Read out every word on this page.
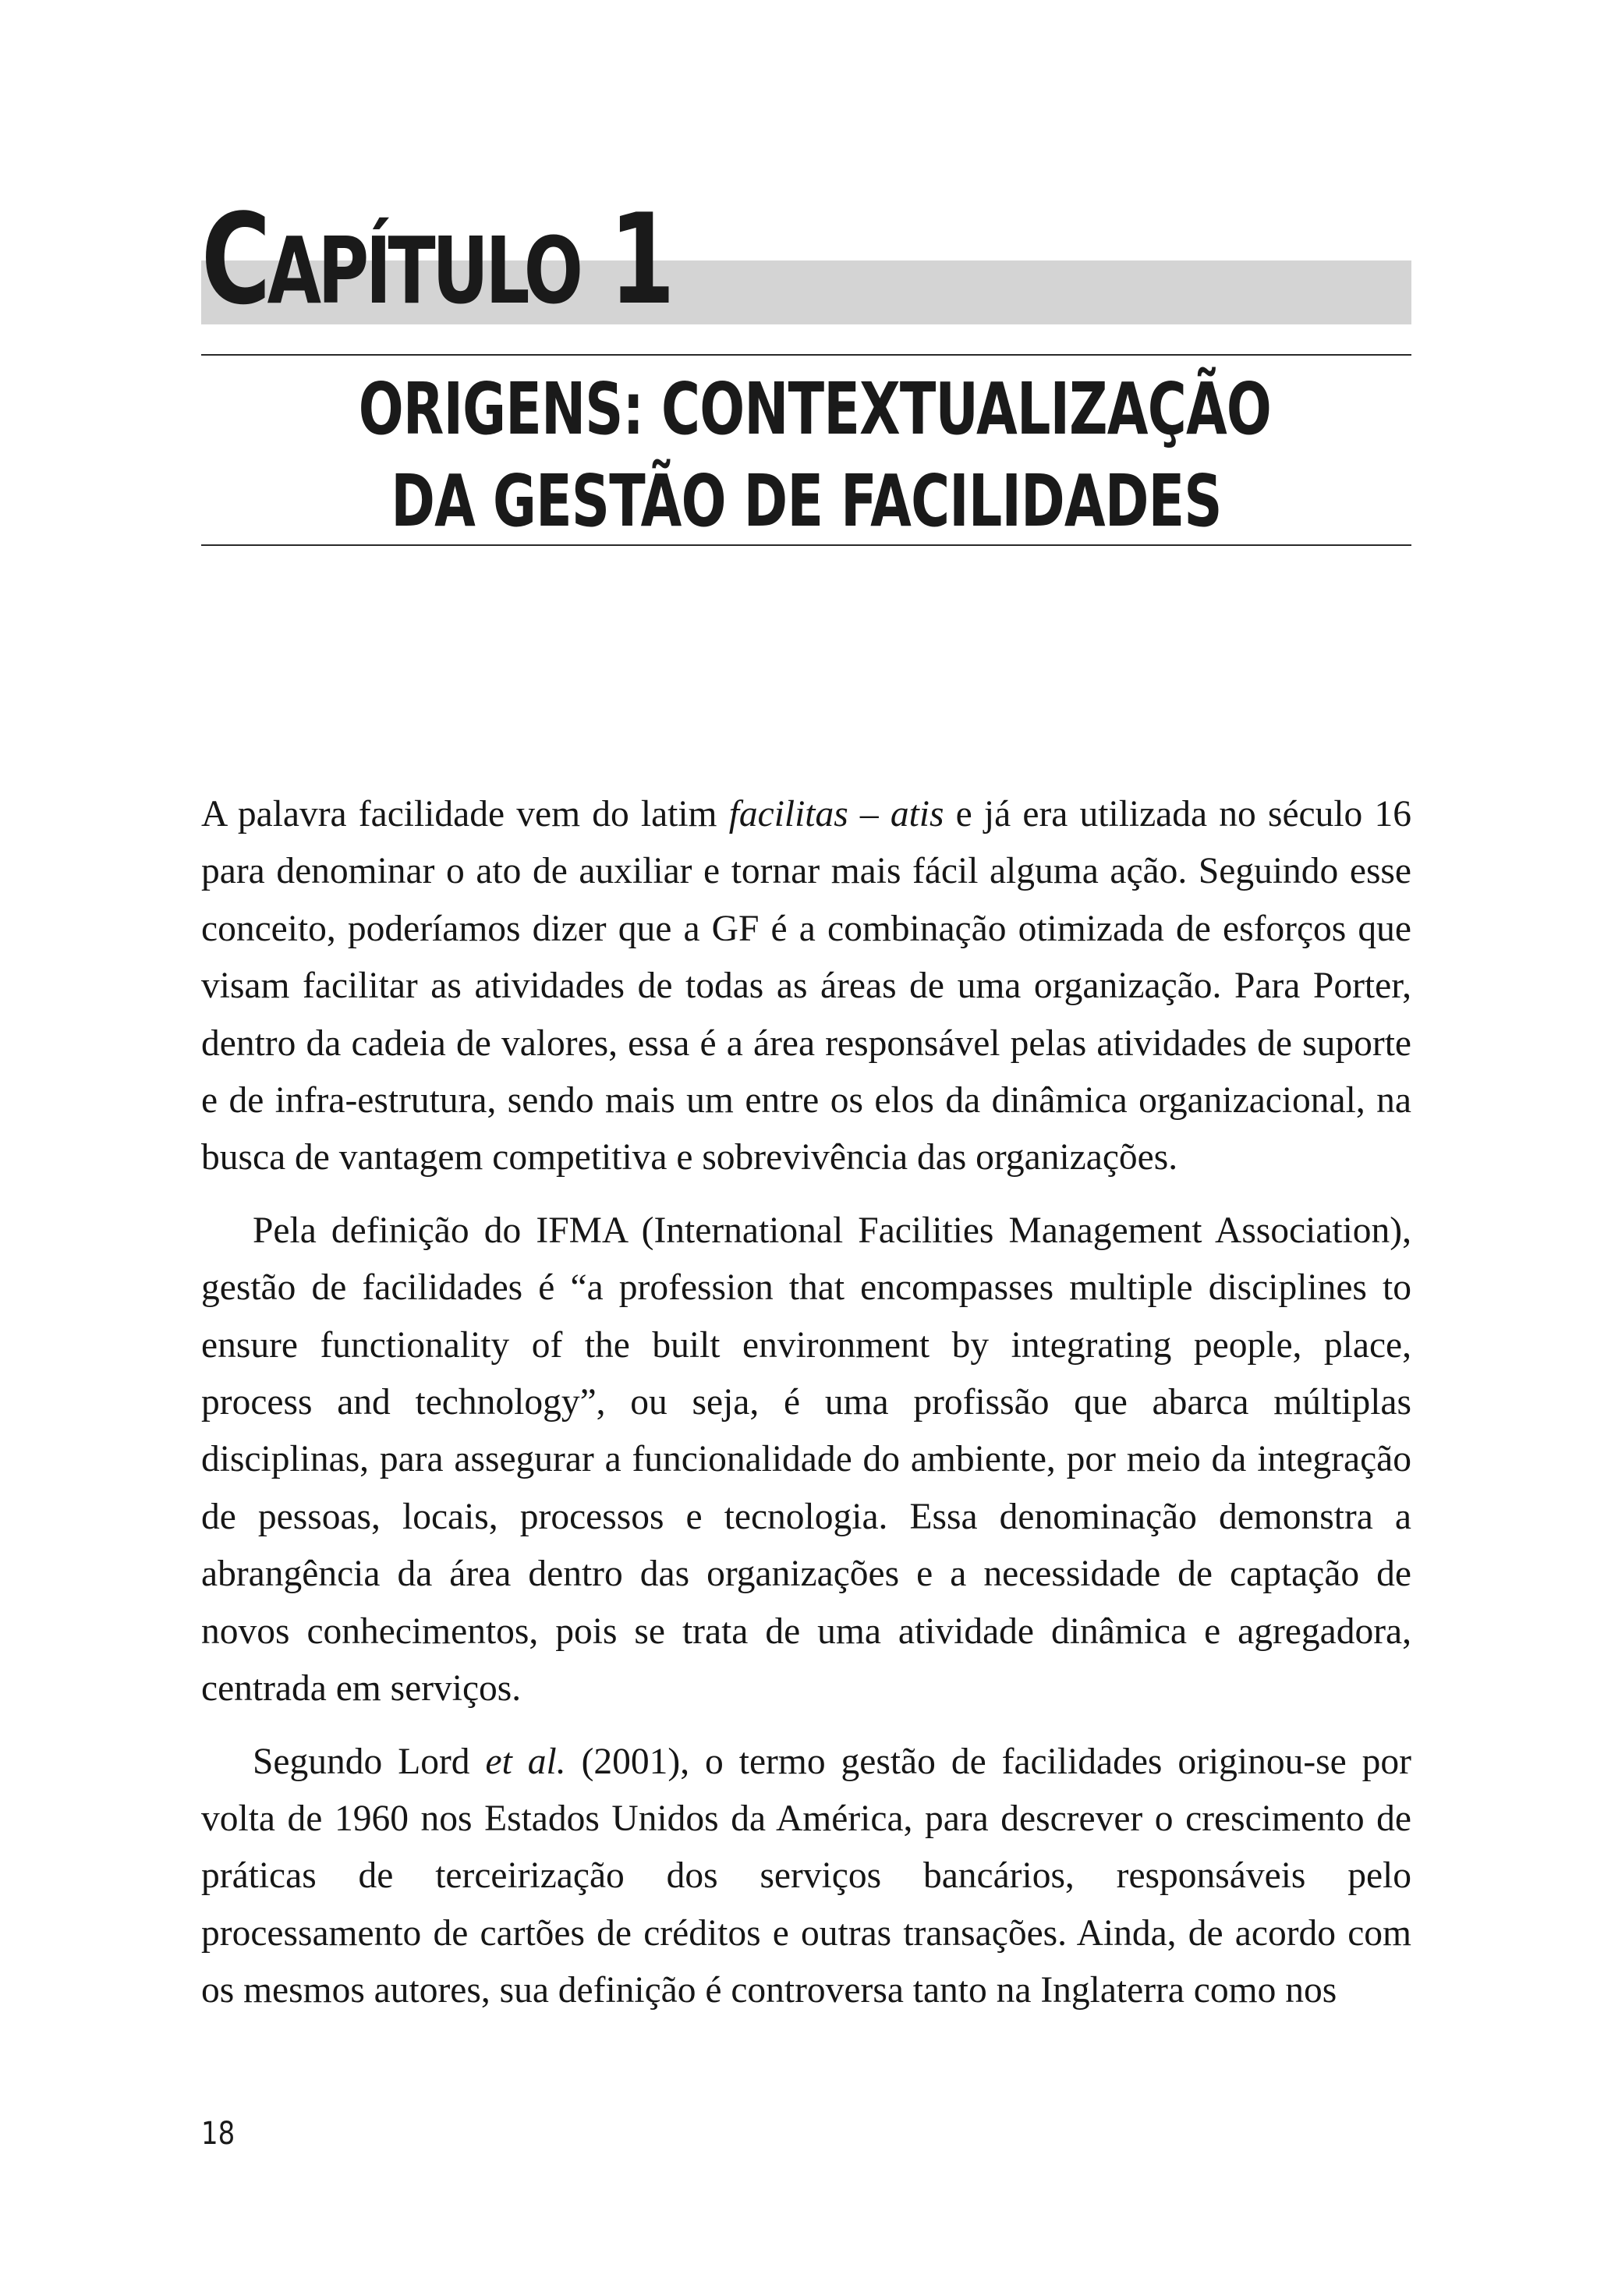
CAPÍTULO 1
ORIGENS: CONTEXTUALIZAÇÃO
DA GESTÃO DE FACILIDADES

A palavra facilidade vem do latim facilitas – atis e já era utilizada no século 16 para denominar o ato de auxiliar e tornar mais fácil alguma ação. Seguindo esse conceito, poderíamos dizer que a GF é a combinação otimizada de esforços que visam facilitar as atividades de todas as áreas de uma organização. Para Porter, dentro da cadeia de valores, essa é a área responsável pelas atividades de suporte e de infra-estrutura, sendo mais um entre os elos da dinâmica organizacional, na busca de vantagem competitiva e sobrevivência das organizações.

Pela definição do IFMA (International Facilities Management Association), gestão de facilidades é “a profession that encompasses multiple disciplines to ensure functionality of the built environment by integrating people, place, process and technology”, ou seja, é uma profissão que abarca múltiplas disciplinas, para assegurar a funcionalidade do ambiente, por meio da integração de pessoas, locais, processos e tecnologia. Essa denominação demonstra a abrangência da área dentro das organizações e a necessidade de captação de novos conhecimentos, pois se trata de uma atividade dinâmica e agregadora, centrada em serviços.

Segundo Lord et al. (2001), o termo gestão de facilidades originou-se por volta de 1960 nos Estados Unidos da América, para descrever o crescimento de práticas de terceirização dos serviços bancários, responsáveis pelo processamento de cartões de créditos e outras transações. Ainda, de acordo com os mesmos autores, sua definição é controversa tanto na Inglaterra como nos

18
